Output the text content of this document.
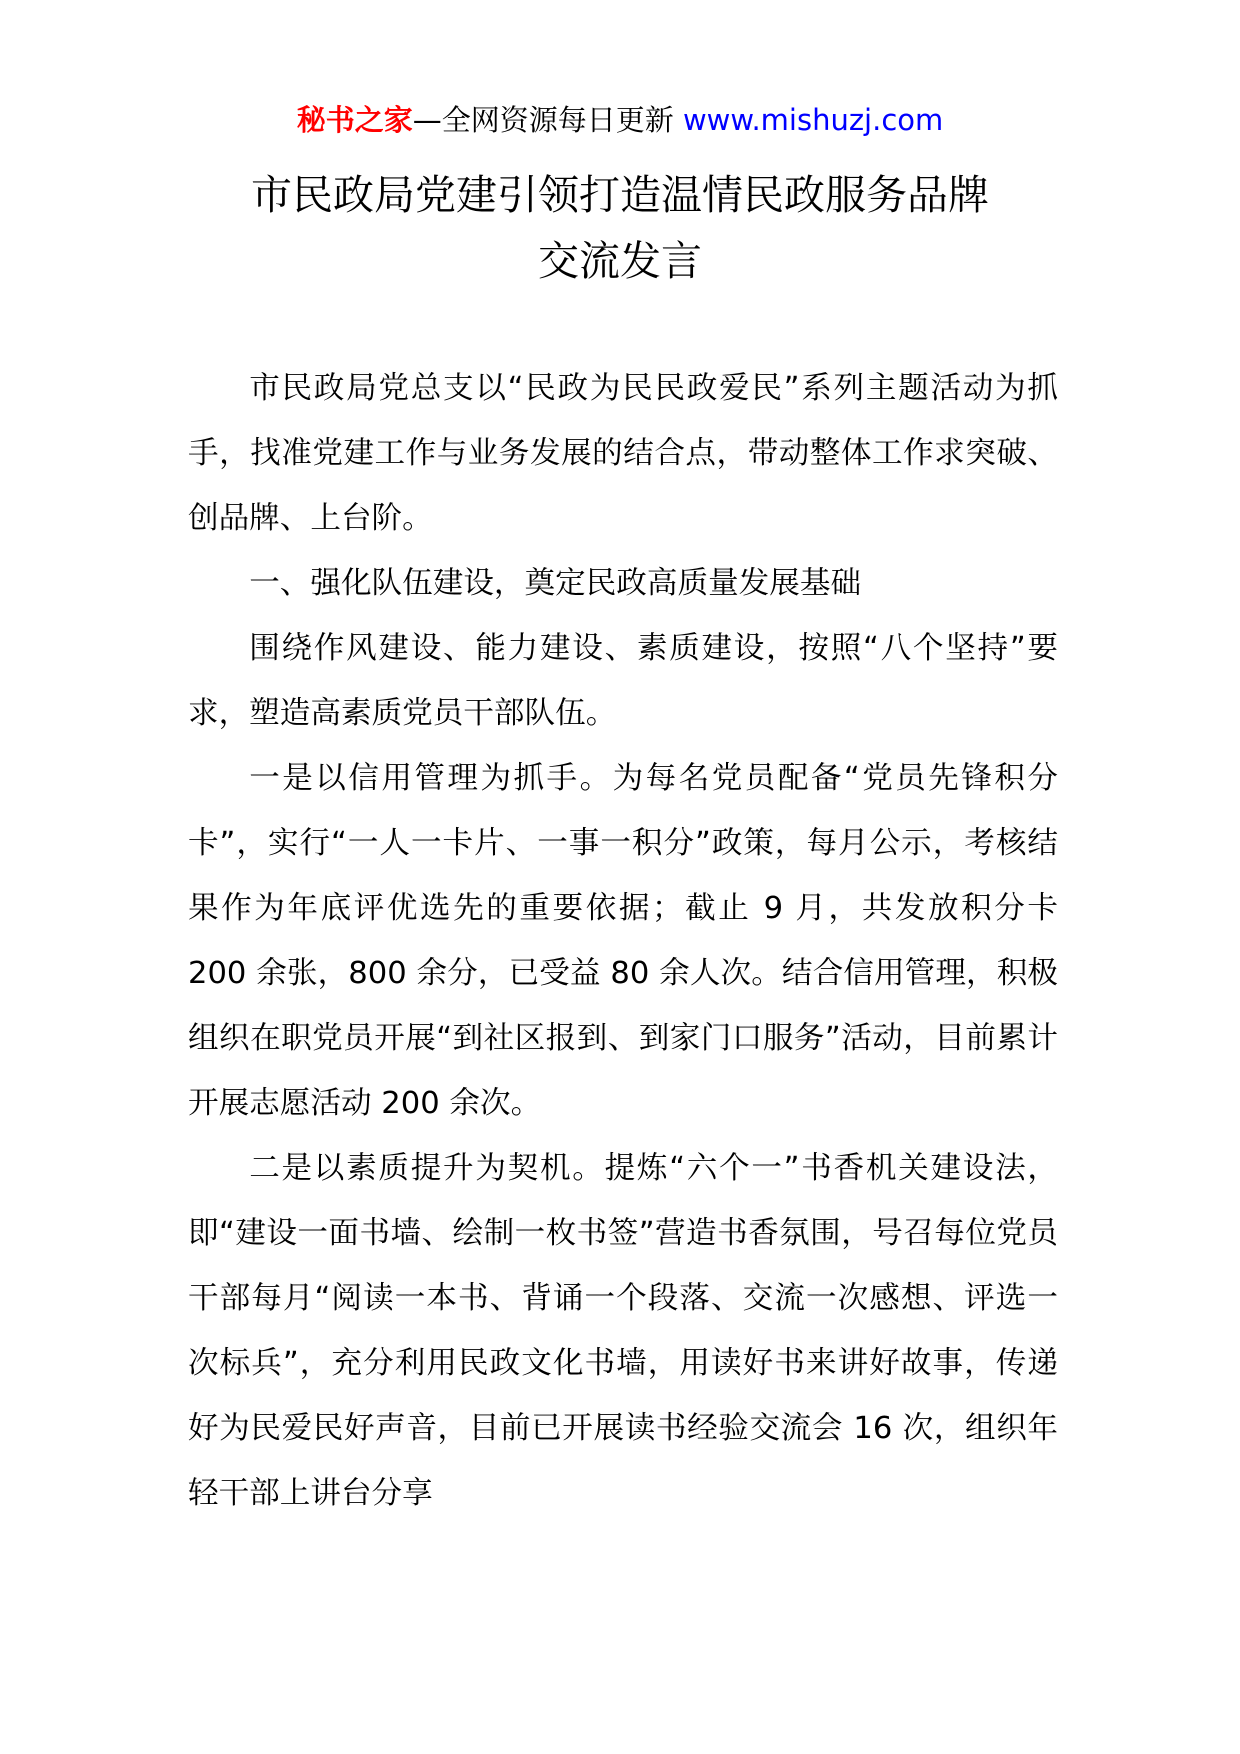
秘书之家—全网资源每日更新 www.mishuzj.com
市民政局党建引领打造温情民政服务品牌
交流发言

市民政局党总支以“民政为民民政爱民”系列主题活动为抓手，找准党建工作与业务发展的结合点，带动整体工作求突破、创品牌、上台阶。

一、强化队伍建设，奠定民政高质量发展基础

围绕作风建设、能力建设、素质建设，按照“八个坚持”要求，塑造高素质党员干部队伍。

一是以信用管理为抓手。为每名党员配备“党员先锋积分卡”，实行“一人一卡片、一事一积分”政策，每月公示，考核结果作为年底评优选先的重要依据；截止 9 月，共发放积分卡 200 余张，800 余分，已受益 80 余人次。结合信用管理，积极组织在职党员开展“到社区报到、到家门口服务”活动，目前累计开展志愿活动 200 余次。

二是以素质提升为契机。提炼“六个一”书香机关建设法，即“建设一面书墙、绘制一枚书签”营造书香氛围，号召每位党员干部每月“阅读一本书、背诵一个段落、交流一次感想、评选一次标兵”，充分利用民政文化书墙，用读好书来讲好故事，传递好为民爱民好声音，目前已开展读书经验交流会 16 次，组织年轻干部上讲台分享
